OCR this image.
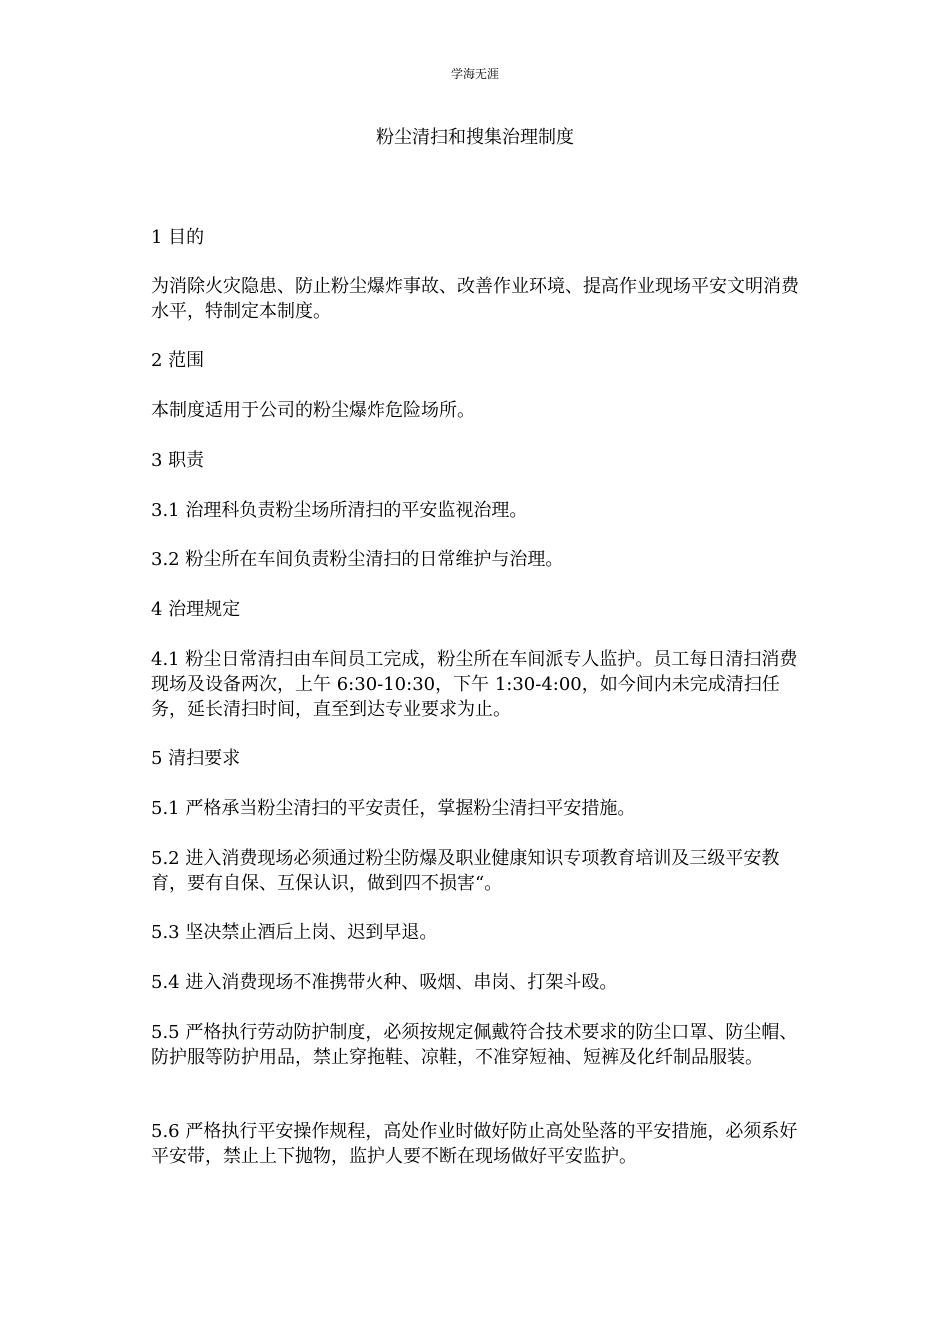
学海无涯
粉尘清扫和搜集治理制度

1 目的

为消除火灾隐患、防止粉尘爆炸事故、改善作业环境、提高作业现场平安文明消费水平，特制定本制度。

2 范围

本制度适用于公司的粉尘爆炸危险场所。

3 职责

3.1 治理科负责粉尘场所清扫的平安监视治理。

3.2 粉尘所在车间负责粉尘清扫的日常维护与治理。

4 治理规定

4.1 粉尘日常清扫由车间员工完成，粉尘所在车间派专人监护。员工每日清扫消费现场及设备两次，上午 6:30-10:30，下午 1:30-4:00，如今间内未完成清扫任务，延长清扫时间，直至到达专业要求为止。

5 清扫要求

5.1 严格承当粉尘清扫的平安责任，掌握粉尘清扫平安措施。

5.2 进入消费现场必须通过粉尘防爆及职业健康知识专项教育培训及三级平安教育，要有自保、互保认识，做到四不损害“。

5.3 坚决禁止酒后上岗、迟到早退。

5.4 进入消费现场不准携带火种、吸烟、串岗、打架斗殴。

5.5 严格执行劳动防护制度，必须按规定佩戴符合技术要求的防尘口罩、防尘帽、防护服等防护用品，禁止穿拖鞋、凉鞋，不准穿短袖、短裤及化纤制品服装。

5.6 严格执行平安操作规程，高处作业时做好防止高处坠落的平安措施，必须系好平安带，禁止上下抛物，监护人要不断在现场做好平安监护。
